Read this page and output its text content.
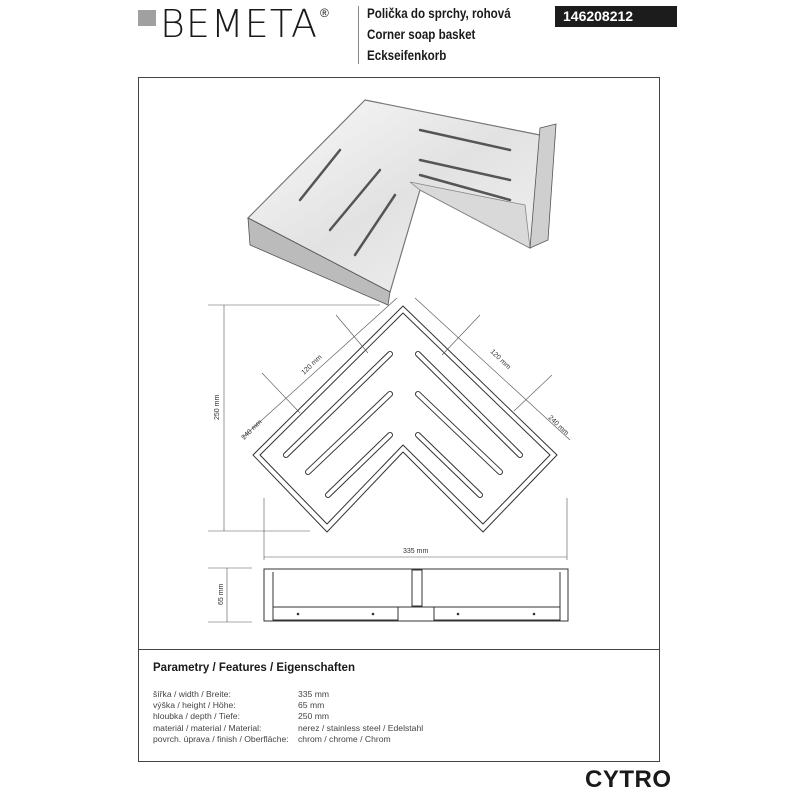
BEMETA ®	Polička do sprchy, rohová
Corner soap basket
Eckseifenkorb
146208212
250 mm
120 mm
240 mm
120 mm
240 mm
335 mm
65 mm
Parametry / Features / Eigenschaften
šířka / width / Breite:	335 mm
výška / height / Höhe:	65 mm
hloubka / depth / Tiefe:	250 mm
materiál / material / Material:	nerez / stainless steel / Edelstahl
povrch. úprava / finish / Oberfläche:	chrom / chrome / Chrom
CYTRO
